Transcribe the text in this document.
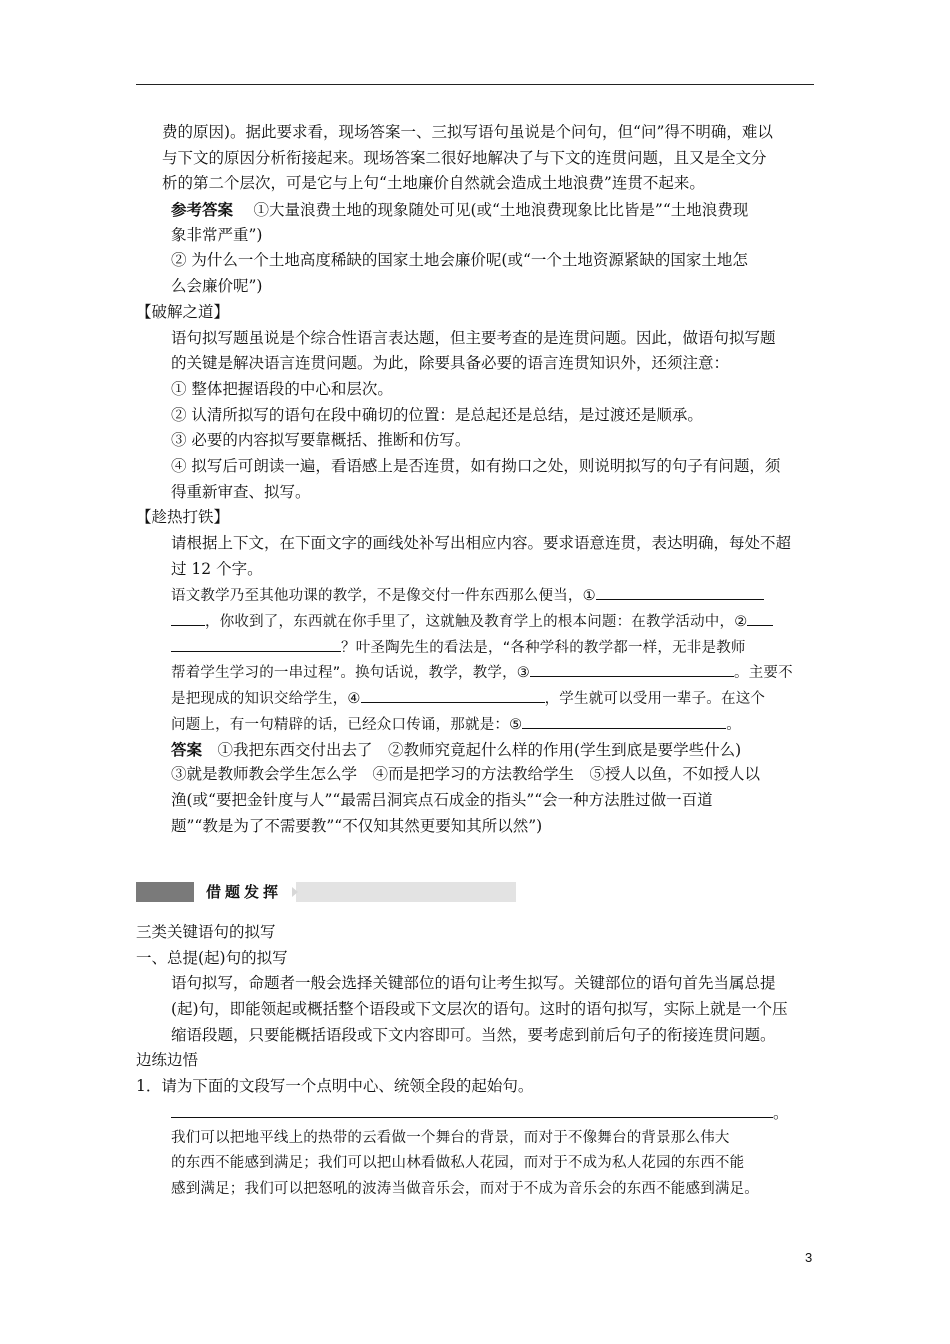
费的原因)。据此要求看，现场答案一、三拟写语句虽说是个问句，但“问”得不明确，难以
与下文的原因分析衔接起来。现场答案二很好地解决了与下文的连贯问题，且又是全文分
析的第二个层次，可是它与上句“土地廉价自然就会造成土地浪费”连贯不起来。
参考答案   ①大量浪费土地的现象随处可见(或“土地浪费现象比比皆是”“土地浪费现
象非常严重”)
② 为什么一个土地高度稀缺的国家土地会廉价呢(或“一个土地资源紧缺的国家土地怎
么会廉价呢”)
【破解之道】
语句拟写题虽说是个综合性语言表达题，但主要考查的是连贯问题。因此，做语句拟写题
的关键是解决语言连贯问题。为此，除要具备必要的语言连贯知识外，还须注意：
① 整体把握语段的中心和层次。
② 认清所拟写的语句在段中确切的位置：是总起还是总结，是过渡还是顺承。
③ 必要的内容拟写要靠概括、推断和仿写。
④ 拟写后可朗读一遍，看语感上是否连贯，如有拗口之处，则说明拟写的句子有问题，须
得重新审查、拟写。
【趁热打铁】
请根据上下文，在下面文字的画线处补写出相应内容。要求语意连贯，表达明确，每处不超
过 12 个字。
语文教学乃至其他功课的教学，不是像交付一件东西那么便当，①
，你收到了，东西就在你手里了，这就触及教育学上的根本问题：在教学活动中，②
？叶圣陶先生的看法是，“各种学科的教学都一样，无非是教师
帮着学生学习的一串过程”。换句话说，教学，教学，③	。主要不
是把现成的知识交给学生，④	，学生就可以受用一辈子。在这个
问题上，有一句精辟的话，已经众口传诵，那就是：⑤	。
答案  ①我把东西交付出去了　②教师究竟起什么样的作用(学生到底是要学些什么)
③就是教师教会学生怎么学　④而是把学习的方法教给学生　⑤授人以鱼，不如授人以
渔(或“要把金针度与人”“最需吕洞宾点石成金的指头”“会一种方法胜过做一百道
题”“教是为了不需要教”“不仅知其然更要知其所以然”)
借题发挥
三类关键语句的拟写
一、总提(起)句的拟写
语句拟写，命题者一般会选择关键部位的语句让考生拟写。关键部位的语句首先当属总提
(起)句，即能领起或概括整个语段或下文层次的语句。这时的语句拟写，实际上就是一个压
缩语段题，只要能概括语段或下文内容即可。当然，要考虑到前后句子的衔接连贯问题。
边练边悟
1．请为下面的文段写一个点明中心、统领全段的起始句。
。
我们可以把地平线上的热带的云看做一个舞台的背景，而对于不像舞台的背景那么伟大
的东西不能感到满足；我们可以把山林看做私人花园，而对于不成为私人花园的东西不能
感到满足；我们可以把怒吼的波涛当做音乐会，而对于不成为音乐会的东西不能感到满足。
3
